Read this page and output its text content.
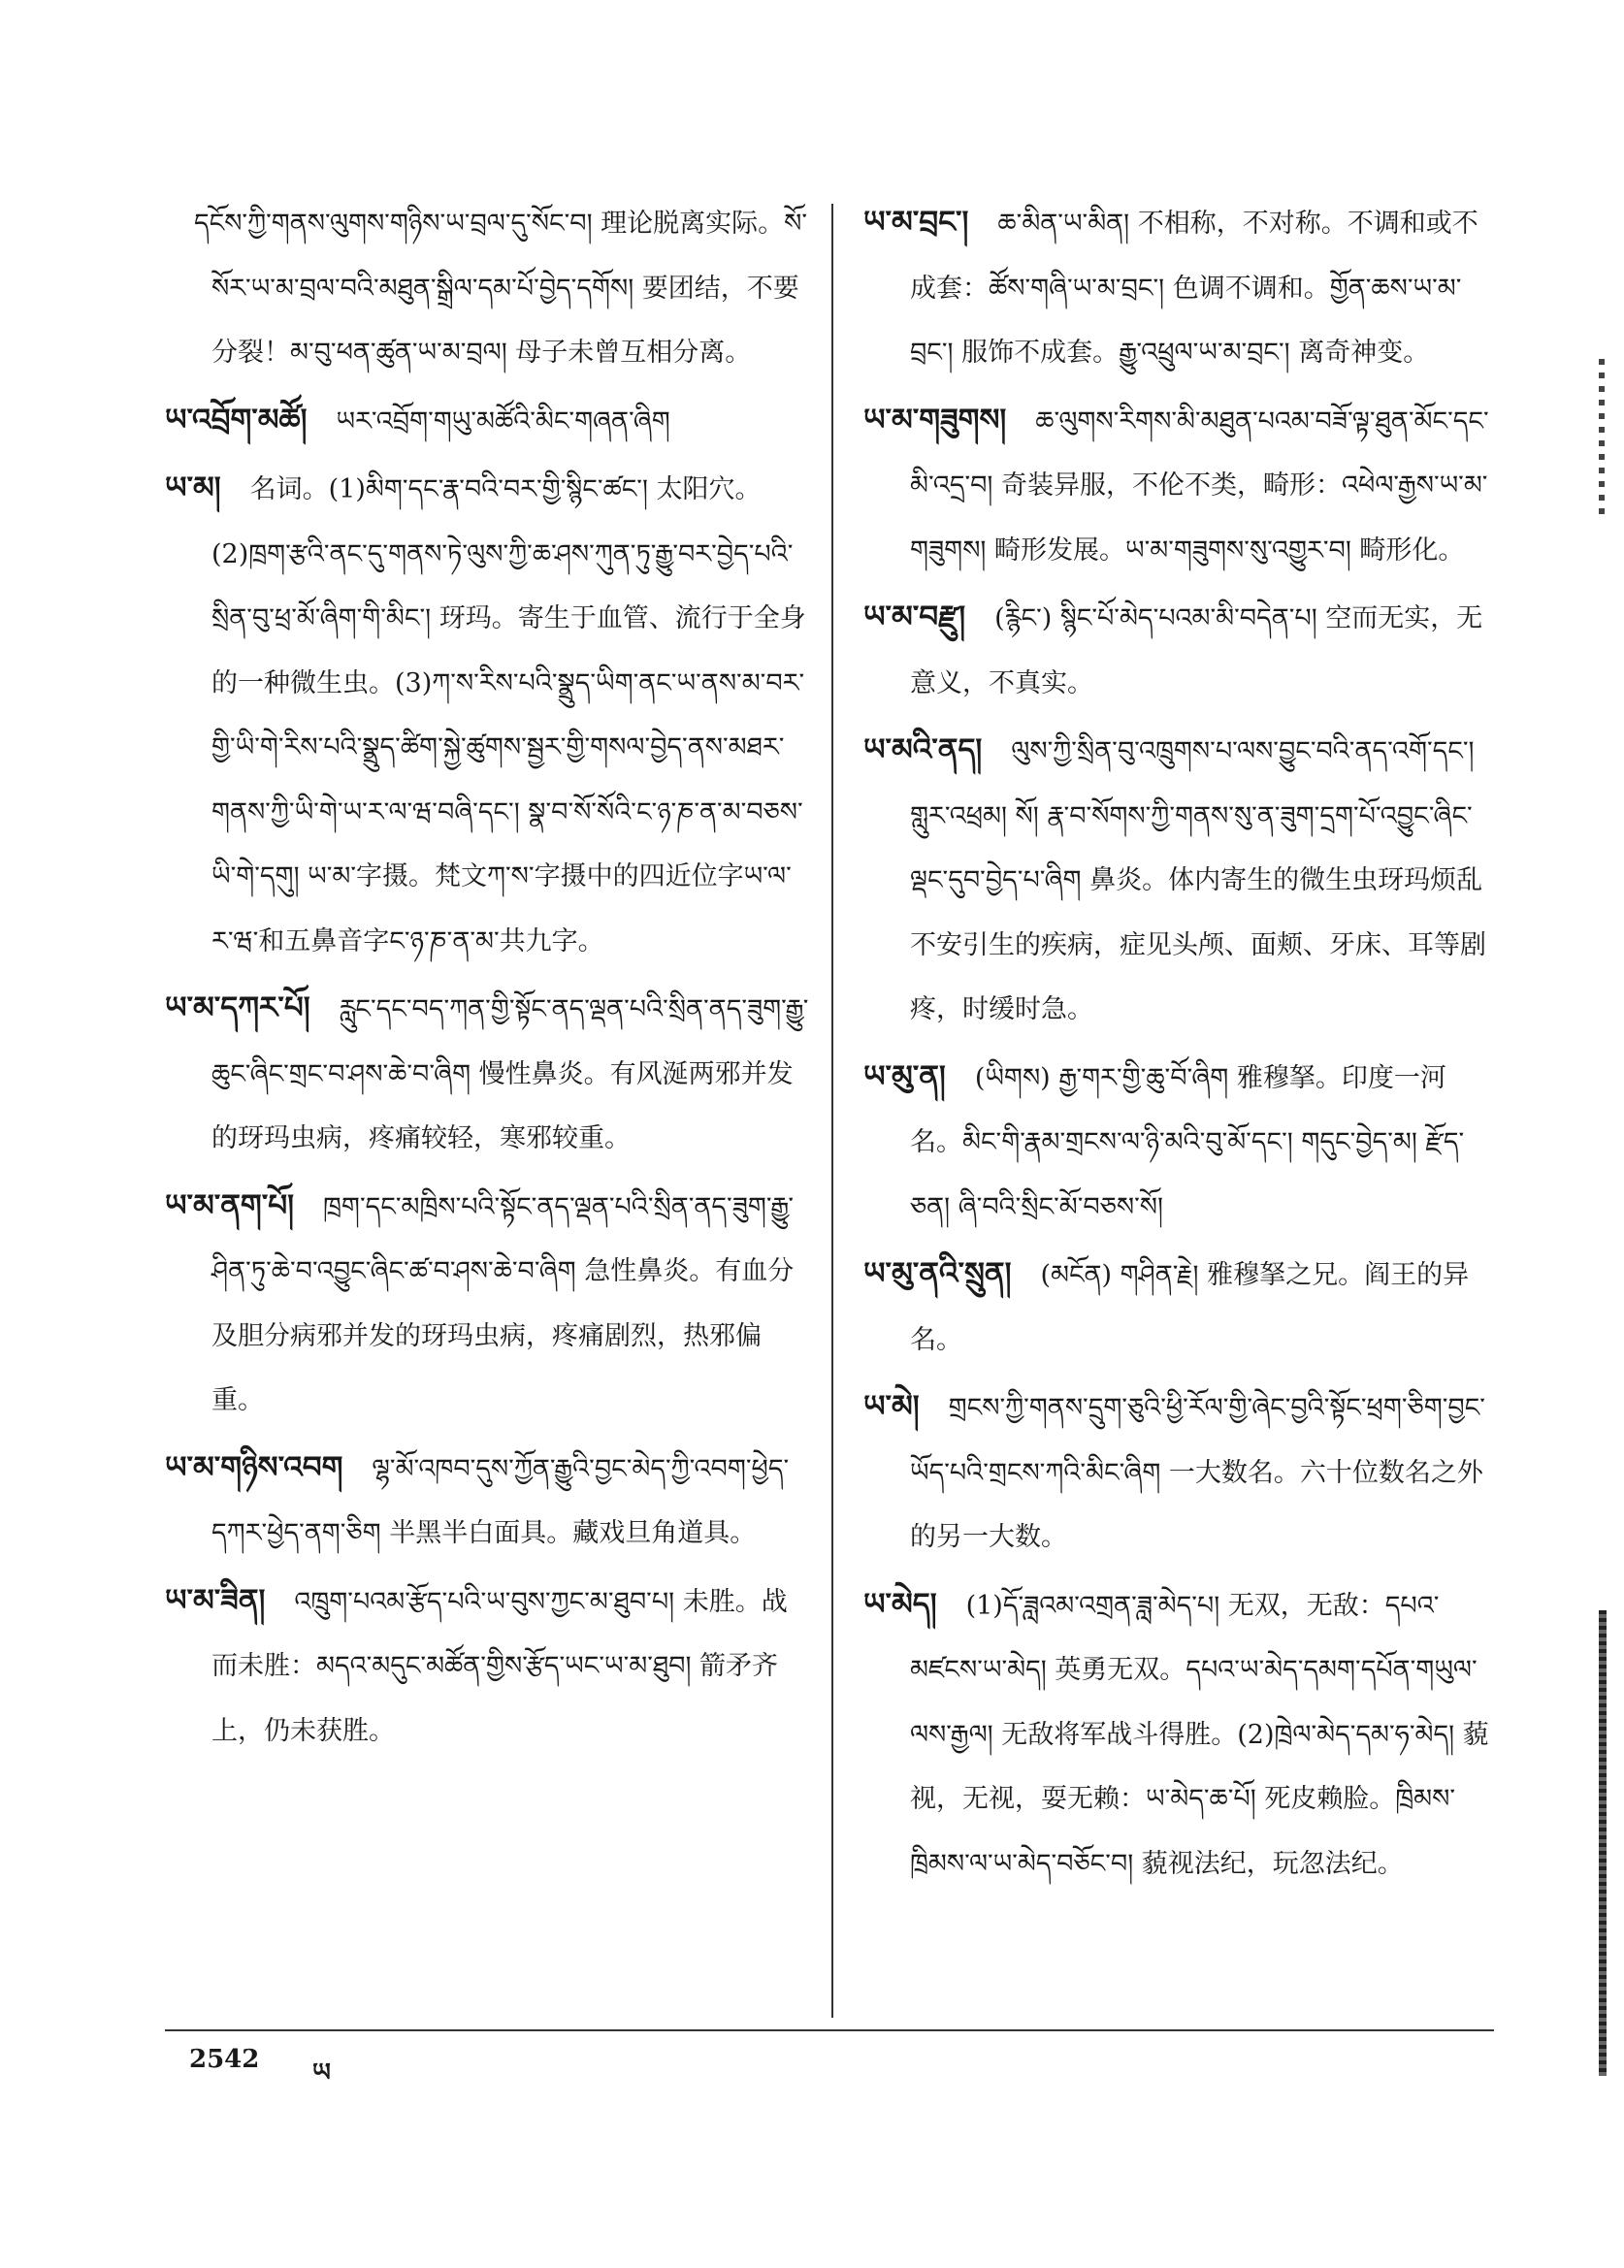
དངོས་ཀྱི་གནས་ལུགས་གཉིས་ཡ་བྲལ་དུ་སོང་བ། 理论脱离实际。སོ་སོར་ཡ་མ་བྲལ་བའི་མཐུན་སྒྲིལ་དམ་པོ་བྱེད་དགོས། 要团结，不要分裂！མ་བུ་ཕན་ཚུན་ཡ་མ་བྲལ། 母子未曾互相分离。
ཡ་འབྲོག་མཚོ། ཡར་འབྲོག་གཡུ་མཚོའི་མིང་གཞན་ཞིག
ཡ་མ། 名词。(1)མིག་དང་རྣ་བའི་བར་གྱི་སྙིང་ཚང་། 太阳穴。(2)ཁྲག་རྩའི་ནང་དུ་གནས་ཏེ་ལུས་ཀྱི་ཆ་ཤས་ཀུན་ཏུ་རྒྱུ་བར་བྱེད་པའི་སྲིན་བུ་ཕྲ་མོ་ཞིག་གི་མིང་། 玡玛。寄生于血管、流行于全身的一种微生虫。(3)ཀ་ས་རིས་པའི་སྣྲུད་ཡིག་ནང་ཡ་ནས་མ་བར་གྱི་ཡི་གེ་རིས་པའི་སྣྲུད་ཚིག་སྐྱེ་ཚུགས་སྦྱར་གྱི་གསལ་བྱེད་ནས་མཐར་གནས་ཀྱི་ཡི་གེ་ཡ་ར་ལ་ཝ་བཞི་དང་། སྣ་བ་སོ་སོའི་ང་ཉ་ཎ་ན་མ་བཅས་ཡི་གེ་དགུ། ཡ་མ་字摄。梵文ཀ་ས་字摄中的四近位字ཡ་ལ་ར་ཝ་和五鼻音字ང་ཉ་ཎ་ན་མ་共九字。
ཡ་མ་དཀར་པོ། རླུང་དང་བད་ཀན་གྱི་སྟོང་ནད་ལྡན་པའི་སྲིན་ནད་ཟུག་རྒྱུ་ཆུང་ཞིང་གྲང་བ་ཤས་ཆེ་བ་ཞིག 慢性鼻炎。有风涎两邪并发的玡玛虫病，疼痛较轻，寒邪较重。
ཡ་མ་ནག་པོ། ཁྲག་དང་མཁྲིས་པའི་སྟོང་ནད་ལྡན་པའི་སྲིན་ནད་ཟུག་རྒྱུ་ཤིན་ཏུ་ཆེ་བ་འབྱུང་ཞིང་ཚ་བ་ཤས་ཆེ་བ་ཞིག 急性鼻炎。有血分及胆分病邪并发的玡玛虫病，疼痛剧烈，热邪偏重。
ཡ་མ་གཉིས་འབག ལྷ་མོ་འཁབ་དུས་ཀྱོན་རྒྱུའི་བྱང་མེད་ཀྱི་འབག་ཕྱེད་དཀར་ཕྱེད་ནག་ཅིག 半黑半白面具。藏戏旦角道具。
ཡ་མ་ཟིན། འཁྲུག་པའམ་རྩོད་པའི་ཡ་བུས་ཀྱང་མ་ཐུབ་པ། 未胜。战而未胜：མདའ་མདུང་མཚོན་གྱིས་རྩོད་ཡང་ཡ་མ་ཐུབ། 箭矛齐上，仍未获胜。
ཡ་མ་བྲང་། ཆ་མིན་ཡ་མིན། 不相称，不对称。不调和或不成套：ཚོས་གཞི་ཡ་མ་བྲང་། 色调不调和。གྱོན་ཆས་ཡ་མ་བྲང་། 服饰不成套。རྒྱུ་འཕྲུལ་ཡ་མ་བྲང་། 离奇神变。
ཡ་མ་གཟུགས། ཆ་ལུགས་རིགས་མི་མཐུན་པའམ་བཟོ་ལྟ་ཐུན་མོང་དང་མི་འདྲ་བ། 奇装异服，不伦不类，畸形：འཕེལ་རྒྱས་ཡ་མ་གཟུགས། 畸形发展。ཡ་མ་གཟུགས་སུ་འགྱུར་བ། 畸形化。
ཡ་མ་བརྫུ། (རྙིང་) སྙིང་པོ་མེད་པའམ་མི་བདེན་པ། 空而无实，无意义，不真实。
ཡ་མའི་ནད། ལུས་ཀྱི་སྲིན་བུ་འཁྲུགས་པ་ལས་བྱུང་བའི་ནད་འགོ་དང་། གླུར་འཕྲམ། སོ། རྣ་བ་སོགས་ཀྱི་གནས་སུ་ན་ཟུག་དྲག་པོ་འབྱུང་ཞིང་ལྡང་དུབ་བྱེད་པ་ཞིག 鼻炎。体内寄生的微生虫玡玛烦乱不安引生的疾病，症见头颅、面颊、牙床、耳等剧疼，时缓时急。
ཡ་མུ་ན། (ཡིགས) རྒྱ་གར་གྱི་ཆུ་བོ་ཞིག 雅穆拏。印度一河名。མིང་གི་རྣམ་གྲངས་ལ་ཉི་མའི་བུ་མོ་དང་། གདུང་བྱེད་མ། རྫོད་ཅན། ཞི་བའི་སྲིང་མོ་བཅས་སོ།
ཡ་མུ་ནའི་སྲུན། (མངོན) གཤིན་རྗེ། 雅穆拏之兄。阎王的异名。
ཡ་མེ། གྲངས་ཀྱི་གནས་དྲུག་ཅུའི་ཕྱི་རོལ་གྱི་ཞེང་བྱའི་སྟོང་ཕྲག་ཅིག་བྱང་ཡོད་པའི་གྲངས་ཀའི་མིང་ཞིག 一大数名。六十位数名之外的另一大数。
ཡ་མེད། (1)དོ་ཟླའམ་འགྲན་ཟླ་མེད་པ། 无双，无敌：དཔའ་མཛངས་ཡ་མེད། 英勇无双。དཔའ་ཡ་མེད་དམག་དཔོན་གཡུལ་ལས་རྒྱལ། 无敌将军战斗得胜。(2)ཁྲེལ་མེད་དམ་ཧ་མེད། 藐视，无视，耍无赖：ཡ་མེད་ཆ་པོ། 死皮赖脸。ཁྲིམས་ཁྲིམས་ལ་ཡ་མེད་བཅོང་བ། 藐视法纪，玩忽法纪。
2542 ཡ
